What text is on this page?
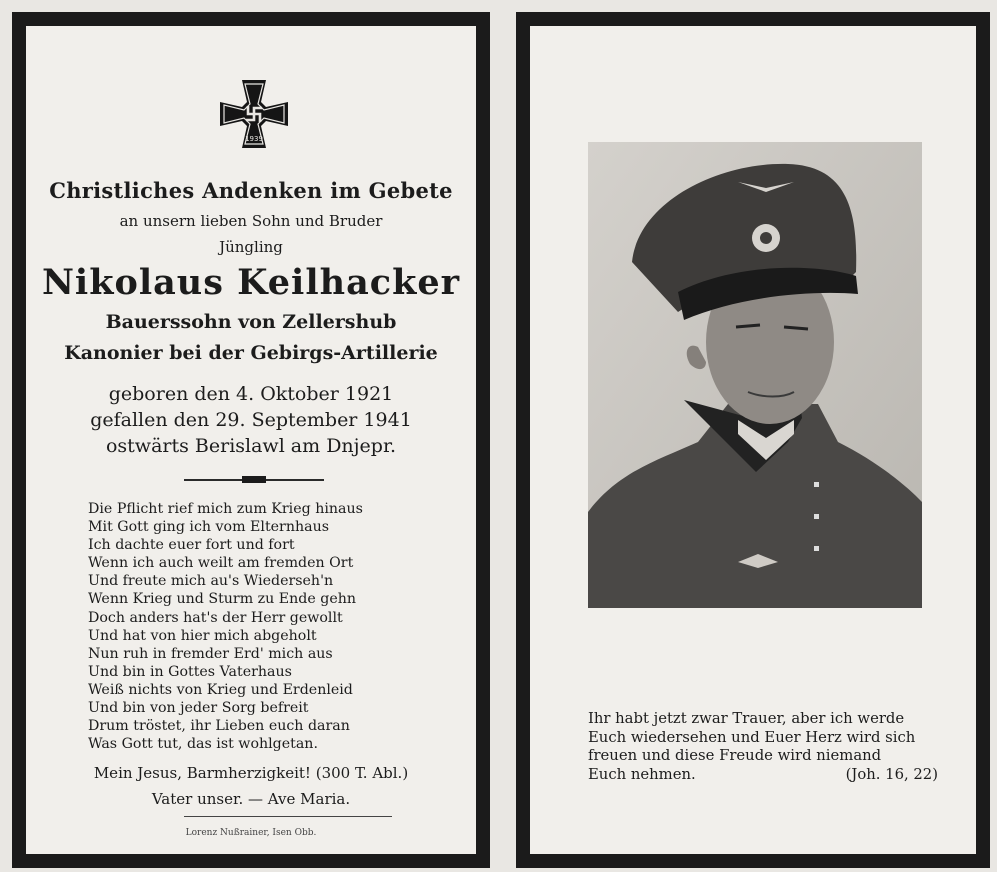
1939
Christliches Andenken im Gebete
an unsern lieben Sohn und Bruder
Jüngling
Nikolaus Keilhacker
Bauerssohn von Zellershub
Kanonier bei der Gebirgs-Artillerie
geboren den 4. Oktober 1921
gefallen den 29. September 1941
ostwärts Berislawl am Dnjepr.
Die Pflicht rief mich zum Krieg hinaus
Mit Gott ging ich vom Elternhaus
Ich dachte euer fort und fort
Wenn ich auch weilt am fremden Ort
Und freute mich au's Wiederseh'n
Wenn Krieg und Sturm zu Ende gehn
Doch anders hat's der Herr gewollt
Und hat von hier mich abgeholt
Nun ruh in fremder Erd' mich aus
Und bin in Gottes Vaterhaus
Weiß nichts von Krieg und Erdenleid
Und bin von jeder Sorg befreit
Drum tröstet, ihr Lieben euch daran
Was Gott tut, das ist wohlgetan.
Mein Jesus, Barmherzigkeit! (300 T. Abl.)
Vater unser. — Ave Maria.
Lorenz Nußrainer, Isen Obb.
Ihr habt jetzt zwar Trauer, aber ich werde
Euch wiedersehen und Euer Herz wird sich
freuen und diese Freude wird niemand
Euch nehmen.	(Joh. 16, 22)
